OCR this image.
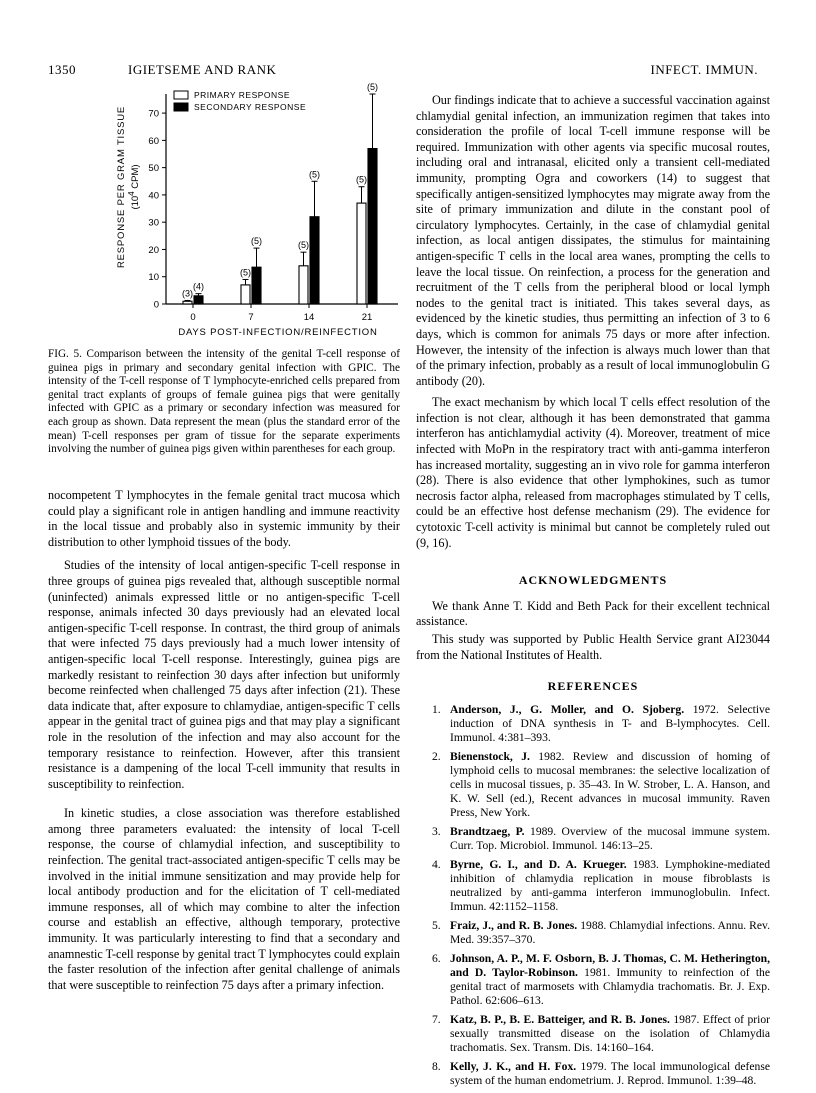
1350	IGIETSEME AND RANK	INFECT. IMMUN.
0
10
20
30
40
50
60
70
RESPONSE PER GRAM TISSUE ($10^4$ CPM)
0
(3)
(4)
7
(5)
(5)
14
(5)
(5)
21
(5)
(5)
DAYS POST-INFECTION/REINFECTION
PRIMARY RESPONSE
SECONDARY RESPONSE

FIG. 5. Comparison between the intensity of the genital T-cell response of guinea pigs in primary and secondary genital infection with GPIC. The intensity of the T-cell response of T lymphocyte-enriched cells prepared from genital tract explants of groups of female guinea pigs that were genitally infected with GPIC as a primary or secondary infection was measured for each group as shown. Data represent the mean (plus the standard error of the mean) T-cell responses per gram of tissue for the separate experiments involving the number of guinea pigs given within parentheses for each group.

nocompetent T lymphocytes in the female genital tract mucosa which could play a significant role in antigen handling and immune reactivity in the local tissue and probably also in systemic immunity by their distribution to other lymphoid tissues of the body.

Studies of the intensity of local antigen-specific T-cell response in three groups of guinea pigs revealed that, although susceptible normal (uninfected) animals expressed little or no antigen-specific T-cell response, animals infected 30 days previously had an elevated local antigen-specific T-cell response. In contrast, the third group of animals that were infected 75 days previously had a much lower intensity of antigen-specific local T-cell response. Interestingly, guinea pigs are markedly resistant to reinfection 30 days after infection but uniformly become reinfected when challenged 75 days after infection (21). These data indicate that, after exposure to chlamydiae, antigen-specific T cells appear in the genital tract of guinea pigs and that may play a significant role in the resolution of the infection and may also account for the temporary resistance to reinfection. However, after this transient resistance is a dampening of the local T-cell immunity that results in susceptibility to reinfection.

In kinetic studies, a close association was therefore established among three parameters evaluated: the intensity of local T-cell response, the course of chlamydial infection, and susceptibility to reinfection. The genital tract-associated antigen-specific T cells may be involved in the initial immune sensitization and may provide help for local antibody production and for the elicitation of T cell-mediated immune responses, all of which may combine to alter the infection course and establish an effective, although temporary, protective immunity. It was particularly interesting to find that a secondary and anamnestic T-cell response by genital tract T lymphocytes could explain the faster resolution of the infection after genital challenge of animals that were susceptible to reinfection 75 days after a primary infection.

Our findings indicate that to achieve a successful vaccination against chlamydial genital infection, an immunization regimen that takes into consideration the profile of local T-cell immune response will be required. Immunization with other agents via specific mucosal routes, including oral and intranasal, elicited only a transient cell-mediated immunity, prompting Ogra and coworkers (14) to suggest that specifically antigen-sensitized lymphocytes may migrate away from the site of primary immunization and dilute in the constant pool of circulatory lymphocytes. Certainly, in the case of chlamydial genital infection, as local antigen dissipates, the stimulus for maintaining antigen-specific T cells in the local area wanes, prompting the cells to leave the local tissue. On reinfection, a process for the generation and recruitment of the T cells from the peripheral blood or local lymph nodes to the genital tract is initiated. This takes several days, as evidenced by the kinetic studies, thus permitting an infection of 3 to 6 days, which is common for animals 75 days or more after infection. However, the intensity of the infection is always much lower than that of the primary infection, probably as a result of local immunoglobulin G antibody (20).

The exact mechanism by which local T cells effect resolution of the infection is not clear, although it has been demonstrated that gamma interferon has antichlamydial activity (4). Moreover, treatment of mice infected with MoPn in the respiratory tract with anti-gamma interferon has increased mortality, suggesting an in vivo role for gamma interferon (28). There is also evidence that other lymphokines, such as tumor necrosis factor alpha, released from macrophages stimulated by T cells, could be an effective host defense mechanism (29). The evidence for cytotoxic T-cell activity is minimal but cannot be completely ruled out (9, 16).

ACKNOWLEDGMENTS

We thank Anne T. Kidd and Beth Pack for their excellent technical assistance.

This study was supported by Public Health Service grant AI23044 from the National Institutes of Health.

REFERENCES

1. Anderson, J., G. Moller, and O. Sjoberg. 1972. Selective induction of DNA synthesis in T- and B-lymphocytes. Cell. Immunol. 4:381–393.
2. Bienenstock, J. 1982. Review and discussion of homing of lymphoid cells to mucosal membranes: the selective localization of cells in mucosal tissues, p. 35–43. In W. Strober, L. A. Hanson, and K. W. Sell (ed.), Recent advances in mucosal immunity. Raven Press, New York.
3. Brandtzaeg, P. 1989. Overview of the mucosal immune system. Curr. Top. Microbiol. Immunol. 146:13–25.
4. Byrne, G. I., and D. A. Krueger. 1983. Lymphokine-mediated inhibition of chlamydia replication in mouse fibroblasts is neutralized by anti-gamma interferon immunoglobulin. Infect. Immun. 42:1152–1158.
5. Fraiz, J., and R. B. Jones. 1988. Chlamydial infections. Annu. Rev. Med. 39:357–370.
6. Johnson, A. P., M. F. Osborn, B. J. Thomas, C. M. Hetherington, and D. Taylor-Robinson. 1981. Immunity to reinfection of the genital tract of marmosets with Chlamydia trachomatis. Br. J. Exp. Pathol. 62:606–613.
7. Katz, B. P., B. E. Batteiger, and R. B. Jones. 1987. Effect of prior sexually transmitted disease on the isolation of Chlamydia trachomatis. Sex. Transm. Dis. 14:160–164.
8. Kelly, J. K., and H. Fox. 1979. The local immunological defense system of the human endometrium. J. Reprod. Immunol. 1:39–48.
